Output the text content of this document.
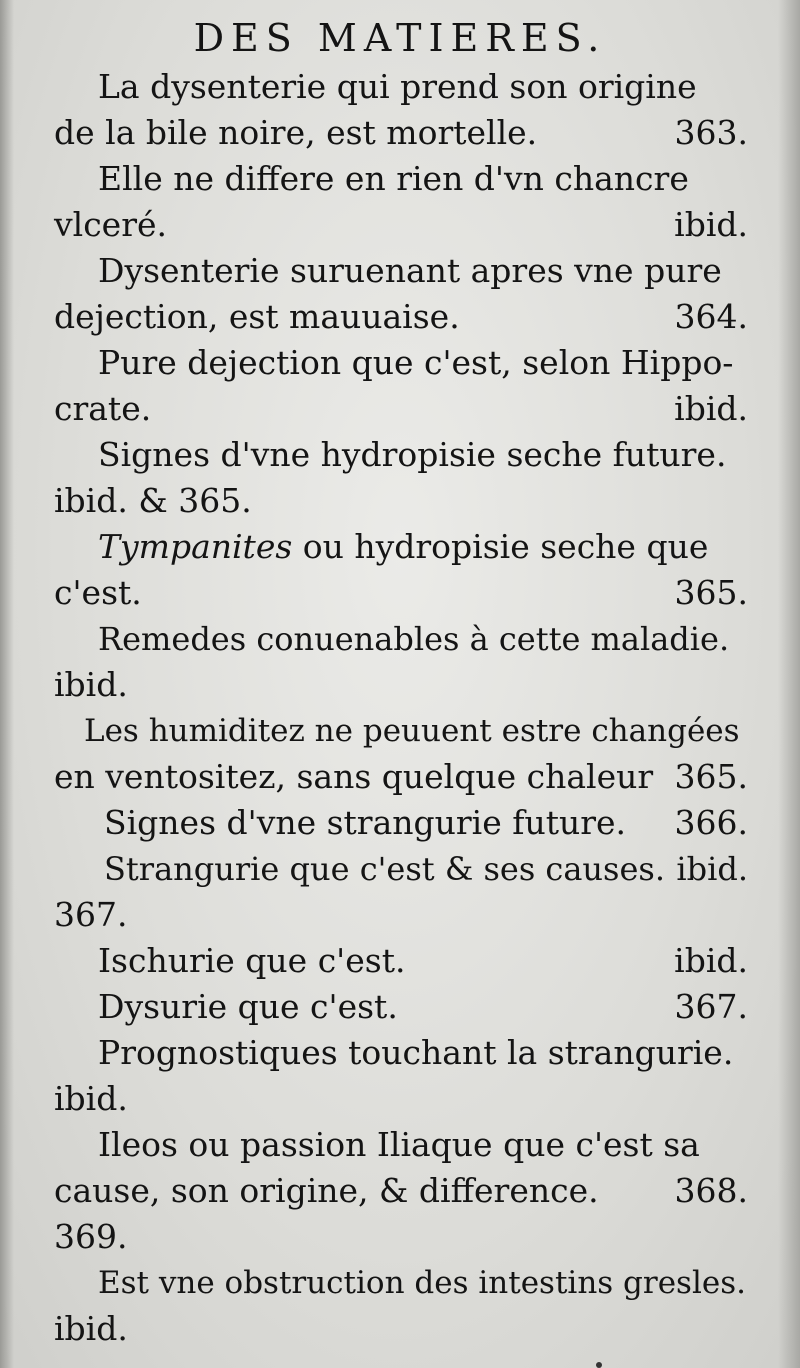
DES MATIERES.
La dysenterie qui prend son origine
de la bile noire, est mortelle.	363.
Elle ne differe en rien d'vn chancre
vlceré.	ibid.
Dysenterie suruenant apres vne pure
dejection, est mauuaise.	364.
Pure dejection que c'est, selon Hippo-
crate.	ibid.
Signes d'vne hydropisie seche future.
ibid. & 365.
Tympanites ou hydropisie seche que
c'est.	365.
Remedes conuenables à cette maladie.
ibid.
Les humiditez ne peuuent estre changées
en ventositez, sans quelque chaleur 365.
Signes d'vne strangurie future.	366.
Strangurie que c'est & ses causes. ibid.
367.
Ischurie que c'est.	ibid.
Dysurie que c'est.	367.
Prognostiques touchant la strangurie.
ibid.
Ileos ou passion Iliaque que c'est sa
cause, son origine, & difference.	368.
369.
Est vne obstruction des intestins gresles.
ibid.
